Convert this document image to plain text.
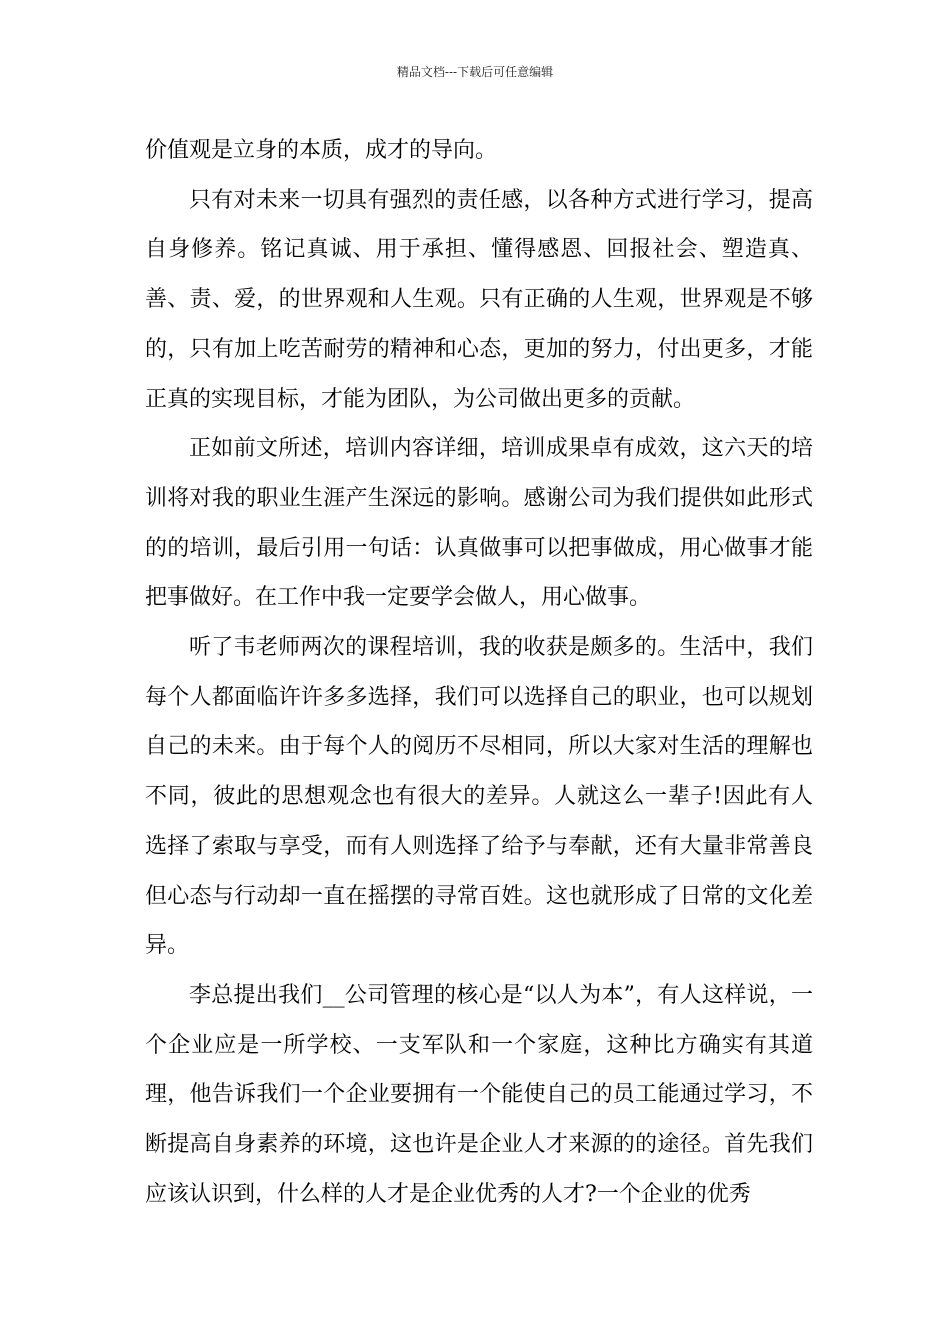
精品文档---下载后可任意编辑

价值观是立身的本质，成才的导向。

只有对未来一切具有强烈的责任感，以各种方式进行学习，提高自身修养。铭记真诚、用于承担、懂得感恩、回报社会、塑造真、善、责、爱，的世界观和人生观。只有正确的人生观，世界观是不够的，只有加上吃苦耐劳的精神和心态，更加的努力，付出更多，才能正真的实现目标，才能为团队，为公司做出更多的贡献。

正如前文所述，培训内容详细，培训成果卓有成效，这六天的培训将对我的职业生涯产生深远的影响。感谢公司为我们提供如此形式的的培训，最后引用一句话：认真做事可以把事做成，用心做事才能把事做好。在工作中我一定要学会做人，用心做事。

听了韦老师两次的课程培训，我的收获是颇多的。生活中，我们每个人都面临许许多多选择，我们可以选择自己的职业，也可以规划自己的未来。由于每个人的阅历不尽相同，所以大家对生活的理解也不同，彼此的思想观念也有很大的差异。人就这么一辈子!因此有人选择了索取与享受，而有人则选择了给予与奉献，还有大量非常善良但心态与行动却一直在摇摆的寻常百姓。这也就形成了日常的文化差异。

李总提出我们__公司管理的核心是“以人为本”，有人这样说，一个企业应是一所学校、一支军队和一个家庭，这种比方确实有其道理，他告诉我们一个企业要拥有一个能使自己的员工能通过学习，不断提高自身素养的环境，这也许是企业人才来源的的途径。首先我们应该认识到，什么样的人才是企业优秀的人才?一个企业的优秀
